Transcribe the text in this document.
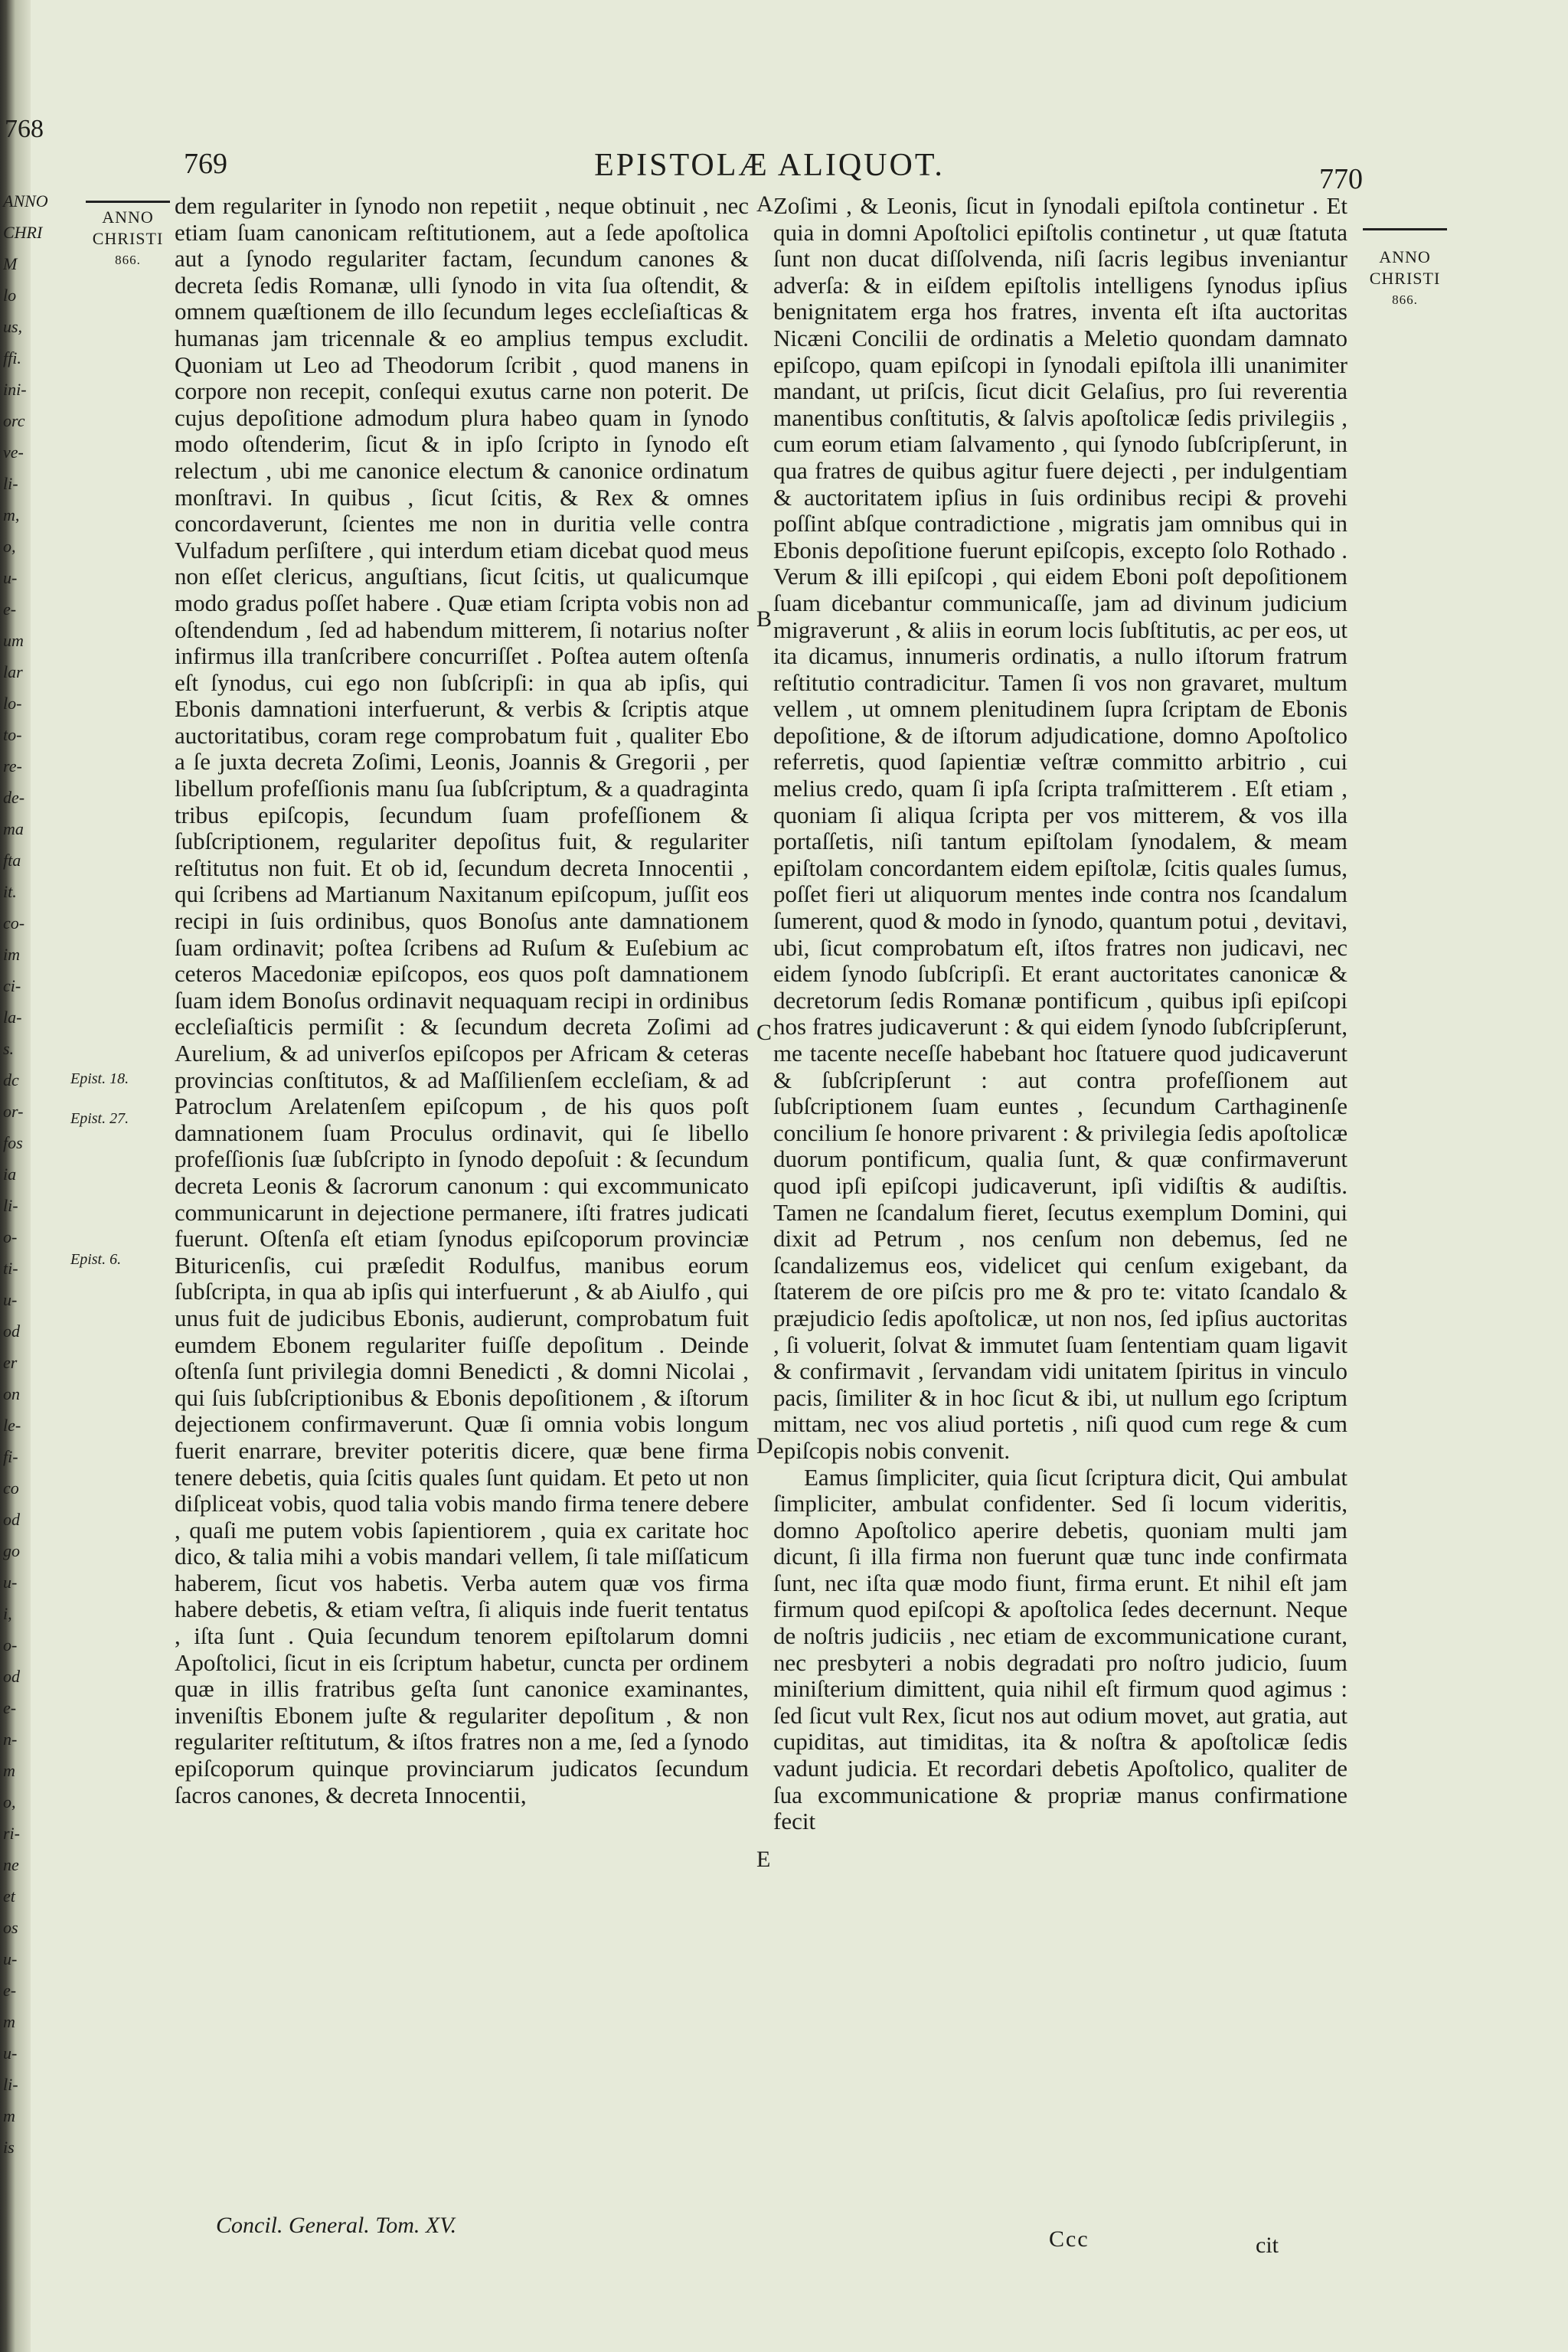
768
ANNO
CHRI
M
lo
us,
ffi.
ini-
orc
ve-
li-
m,
o,
u-
e-
um
lar
lo-
to-
re-
de-
ma
fta
it.
co-
im
ci-
la-
s.
dc
or-
fos
ia
li-
o-
ti-
u-
od
er
on
le-
fi-
co
od
go
u-
i,
o-
od
e-
n-
m
o,
ri-
ne
et
os
u-
e-
m
u-
li-
m
is
769	EPISTOLÆ ALIQUOT.	770
ANNO
CHRISTI
866.	ANNO
CHRISTI
866.
A
B
C
D
E
Epist. 18.
Epist. 27.
Epist. 6.

dem regulariter in ſynodo non repetiit , neque obtinuit , nec etiam ſuam canonicam reſtitutionem, aut a ſede apoſtolica aut a ſynodo regulariter factam, ſecundum canones & decreta ſedis Romanæ, ulli ſynodo in vita ſua oſtendit, & omnem quæſtionem de illo ſecundum leges eccleſiaſticas & humanas jam tricennale & eo amplius tempus excludit. Quoniam ut Leo ad Theodorum ſcribit , quod manens in corpore non recepit, conſequi exutus carne non poterit. De cujus depoſitione admodum plura habeo quam in ſynodo modo oſtenderim, ſicut & in ipſo ſcripto in ſynodo eſt relectum , ubi me canonice electum & canonice ordinatum monſtravi. In quibus , ſicut ſcitis, & Rex & omnes concordaverunt, ſcientes me non in duritia velle contra Vulfadum perſiſtere , qui interdum etiam dicebat quod meus non eſſet clericus, anguſtians, ſicut ſcitis, ut qualicumque modo gradus poſſet habere . Quæ etiam ſcripta vobis non ad oſtendendum , ſed ad habendum mitterem, ſi notarius noſter infirmus illa tranſcribere concurriſſet . Poſtea autem oſtenſa eſt ſynodus, cui ego non ſubſcripſi: in qua ab ipſis, qui Ebonis damnationi interfuerunt, & verbis & ſcriptis atque auctoritatibus, coram rege comprobatum fuit , qualiter Ebo a ſe juxta decreta Zoſimi, Leonis, Joannis & Gregorii , per libellum profeſſionis manu ſua ſubſcriptum, & a quadraginta tribus epiſcopis, ſecundum ſuam profeſſionem & ſubſcriptionem, regulariter depoſitus fuit, & regulariter reſtitutus non fuit. Et ob id, ſecundum decreta Innocentii , qui ſcribens ad Martianum Naxitanum epiſcopum, juſſit eos recipi in ſuis ordinibus, quos Bonoſus ante damnationem ſuam ordinavit; poſtea ſcribens ad Ruſum & Euſebium ac ceteros Macedoniæ epiſcopos, eos quos poſt damnationem ſuam idem Bonoſus ordinavit nequaquam recipi in ordinibus eccleſiaſticis permiſit : & ſecundum decreta Zoſimi ad Aurelium, & ad univerſos epiſcopos per Africam & ceteras provincias conſtitutos, & ad Maſſilienſem eccleſiam, & ad Patroclum Arelatenſem epiſcopum , de his quos poſt damnationem ſuam Proculus ordinavit, qui ſe libello profeſſionis ſuæ ſubſcripto in ſynodo depoſuit : & ſecundum decreta Leonis & ſacrorum canonum : qui excommunicato communicarunt in dejectione permanere, iſti fratres judicati fuerunt. Oſtenſa eſt etiam ſynodus epiſcoporum provinciæ Bituricenſis, cui præſedit Rodulfus, manibus eorum ſubſcripta, in qua ab ipſis qui interfuerunt , & ab Aiulfo , qui unus fuit de judicibus Ebonis, audierunt, comprobatum fuit eumdem Ebonem regulariter fuiſſe depoſitum . Deinde oſtenſa ſunt privilegia domni Benedicti , & domni Nicolai , qui ſuis ſubſcriptionibus & Ebonis depoſitionem , & iſtorum dejectionem confirmaverunt. Quæ ſi omnia vobis longum fuerit enarrare, breviter poteritis dicere, quæ bene firma tenere debetis, quia ſcitis quales ſunt quidam. Et peto ut non diſpliceat vobis, quod talia vobis mando firma tenere debere , quaſi me putem vobis ſapientiorem , quia ex caritate hoc dico, & talia mihi a vobis mandari vellem, ſi tale miſſaticum haberem, ſicut vos habetis. Verba autem quæ vos firma habere debetis, & etiam veſtra, ſi aliquis inde fuerit tentatus , iſta ſunt . Quia ſecundum tenorem epiſtolarum domni Apoſtolici, ſicut in eis ſcriptum habetur, cuncta per ordinem quæ in illis fratribus geſta ſunt canonice examinantes, inveniſtis Ebonem juſte & regulariter depoſitum , & non regulariter reſtitutum, & iſtos fratres non a me, ſed a ſynodo epiſcoporum quinque provinciarum judicatos ſecundum ſacros canones, & decreta Innocentii,

Zoſimi , & Leonis, ſicut in ſynodali epiſtola continetur . Et quia in domni Apoſtolici epiſtolis continetur , ut quæ ſtatuta ſunt non ducat diſſolvenda, niſi ſacris legibus inveniantur adverſa: & in eiſdem epiſtolis intelligens ſynodus ipſius benignitatem erga hos fratres, inventa eſt iſta auctoritas Nicæni Concilii de ordinatis a Meletio quondam damnato epiſcopo, quam epiſcopi in ſynodali epiſtola illi unanimiter mandant, ut priſcis, ſicut dicit Gelaſius, pro ſui reverentia manentibus conſtitutis, & ſalvis apoſtolicæ ſedis privilegiis , cum eorum etiam ſalvamento , qui ſynodo ſubſcripſerunt, in qua fratres de quibus agitur fuere dejecti , per indulgentiam & auctoritatem ipſius in ſuis ordinibus recipi & provehi poſſint abſque contradictione , migratis jam omnibus qui in Ebonis depoſitione fuerunt epiſcopis, excepto ſolo Rothado . Verum & illi epiſcopi , qui eidem Eboni poſt depoſitionem ſuam dicebantur communicaſſe, jam ad divinum judicium migraverunt , & aliis in eorum locis ſubſtitutis, ac per eos, ut ita dicamus, innumeris ordinatis, a nullo iſtorum fratrum reſtitutio contradicitur. Tamen ſi vos non gravaret, multum vellem , ut omnem plenitudinem ſupra ſcriptam de Ebonis depoſitione, & de iſtorum adjudicatione, domno Apoſtolico referretis, quod ſapientiæ veſtræ committo arbitrio , cui melius credo, quam ſi ipſa ſcripta traſmitterem . Eſt etiam , quoniam ſi aliqua ſcripta per vos mitterem, & vos illa portaſſetis, niſi tantum epiſtolam ſynodalem, & meam epiſtolam concordantem eidem epiſtolæ, ſcitis quales ſumus, poſſet fieri ut aliquorum mentes inde contra nos ſcandalum ſumerent, quod & modo in ſynodo, quantum potui , devitavi, ubi, ſicut comprobatum eſt, iſtos fratres non judicavi, nec eidem ſynodo ſubſcripſi. Et erant auctoritates canonicæ & decretorum ſedis Romanæ pontificum , quibus ipſi epiſcopi hos fratres judicaverunt : & qui eidem ſynodo ſubſcripſerunt, me tacente neceſſe habebant hoc ſtatuere quod judicaverunt & ſubſcripſerunt : aut contra profeſſionem aut ſubſcriptionem ſuam euntes , ſecundum Carthaginenſe concilium ſe honore privarent : & privilegia ſedis apoſtolicæ duorum pontificum, qualia ſunt, & quæ confirmaverunt quod ipſi epiſcopi judicaverunt, ipſi vidiſtis & audiſtis. Tamen ne ſcandalum fieret, ſecutus exemplum Domini, qui dixit ad Petrum , nos cenſum non debemus, ſed ne ſcandalizemus eos, videlicet qui cenſum exigebant, da ſtaterem de ore piſcis pro me & pro te: vitato ſcandalo & præjudicio ſedis apoſtolicæ, ut non nos, ſed ipſius auctoritas , ſi voluerit, ſolvat & immutet ſuam ſententiam quam ligavit & confirmavit , ſervandam vidi unitatem ſpiritus in vinculo pacis, ſimiliter & in hoc ſicut & ibi, ut nullum ego ſcriptum mittam, nec vos aliud portetis , niſi quod cum rege & cum epiſcopis nobis convenit.

Eamus ſimpliciter, quia ſicut ſcriptura dicit, Qui ambulat ſimpliciter, ambulat confidenter. Sed ſi locum videritis, domno Apoſtolico aperire debetis, quoniam multi jam dicunt, ſi illa firma non fuerunt quæ tunc inde confirmata ſunt, nec iſta quæ modo fiunt, firma erunt. Et nihil eſt jam firmum quod epiſcopi & apoſtolica ſedes decernunt. Neque de noſtris judiciis , nec etiam de excommunicatione curant, nec presbyteri a nobis degradati pro noſtro judicio, ſuum miniſterium dimittent, quia nihil eſt firmum quod agimus : ſed ſicut vult Rex, ſicut nos aut odium movet, aut gratia, aut cupiditas, aut timiditas, ita & noſtra & apoſtolicæ ſedis vadunt judicia. Et recordari debetis Apoſtolico, qualiter de ſua excommunicatione & propriæ manus confirmatione fecit

Concil. General. Tom. XV.
Ccc	cit
